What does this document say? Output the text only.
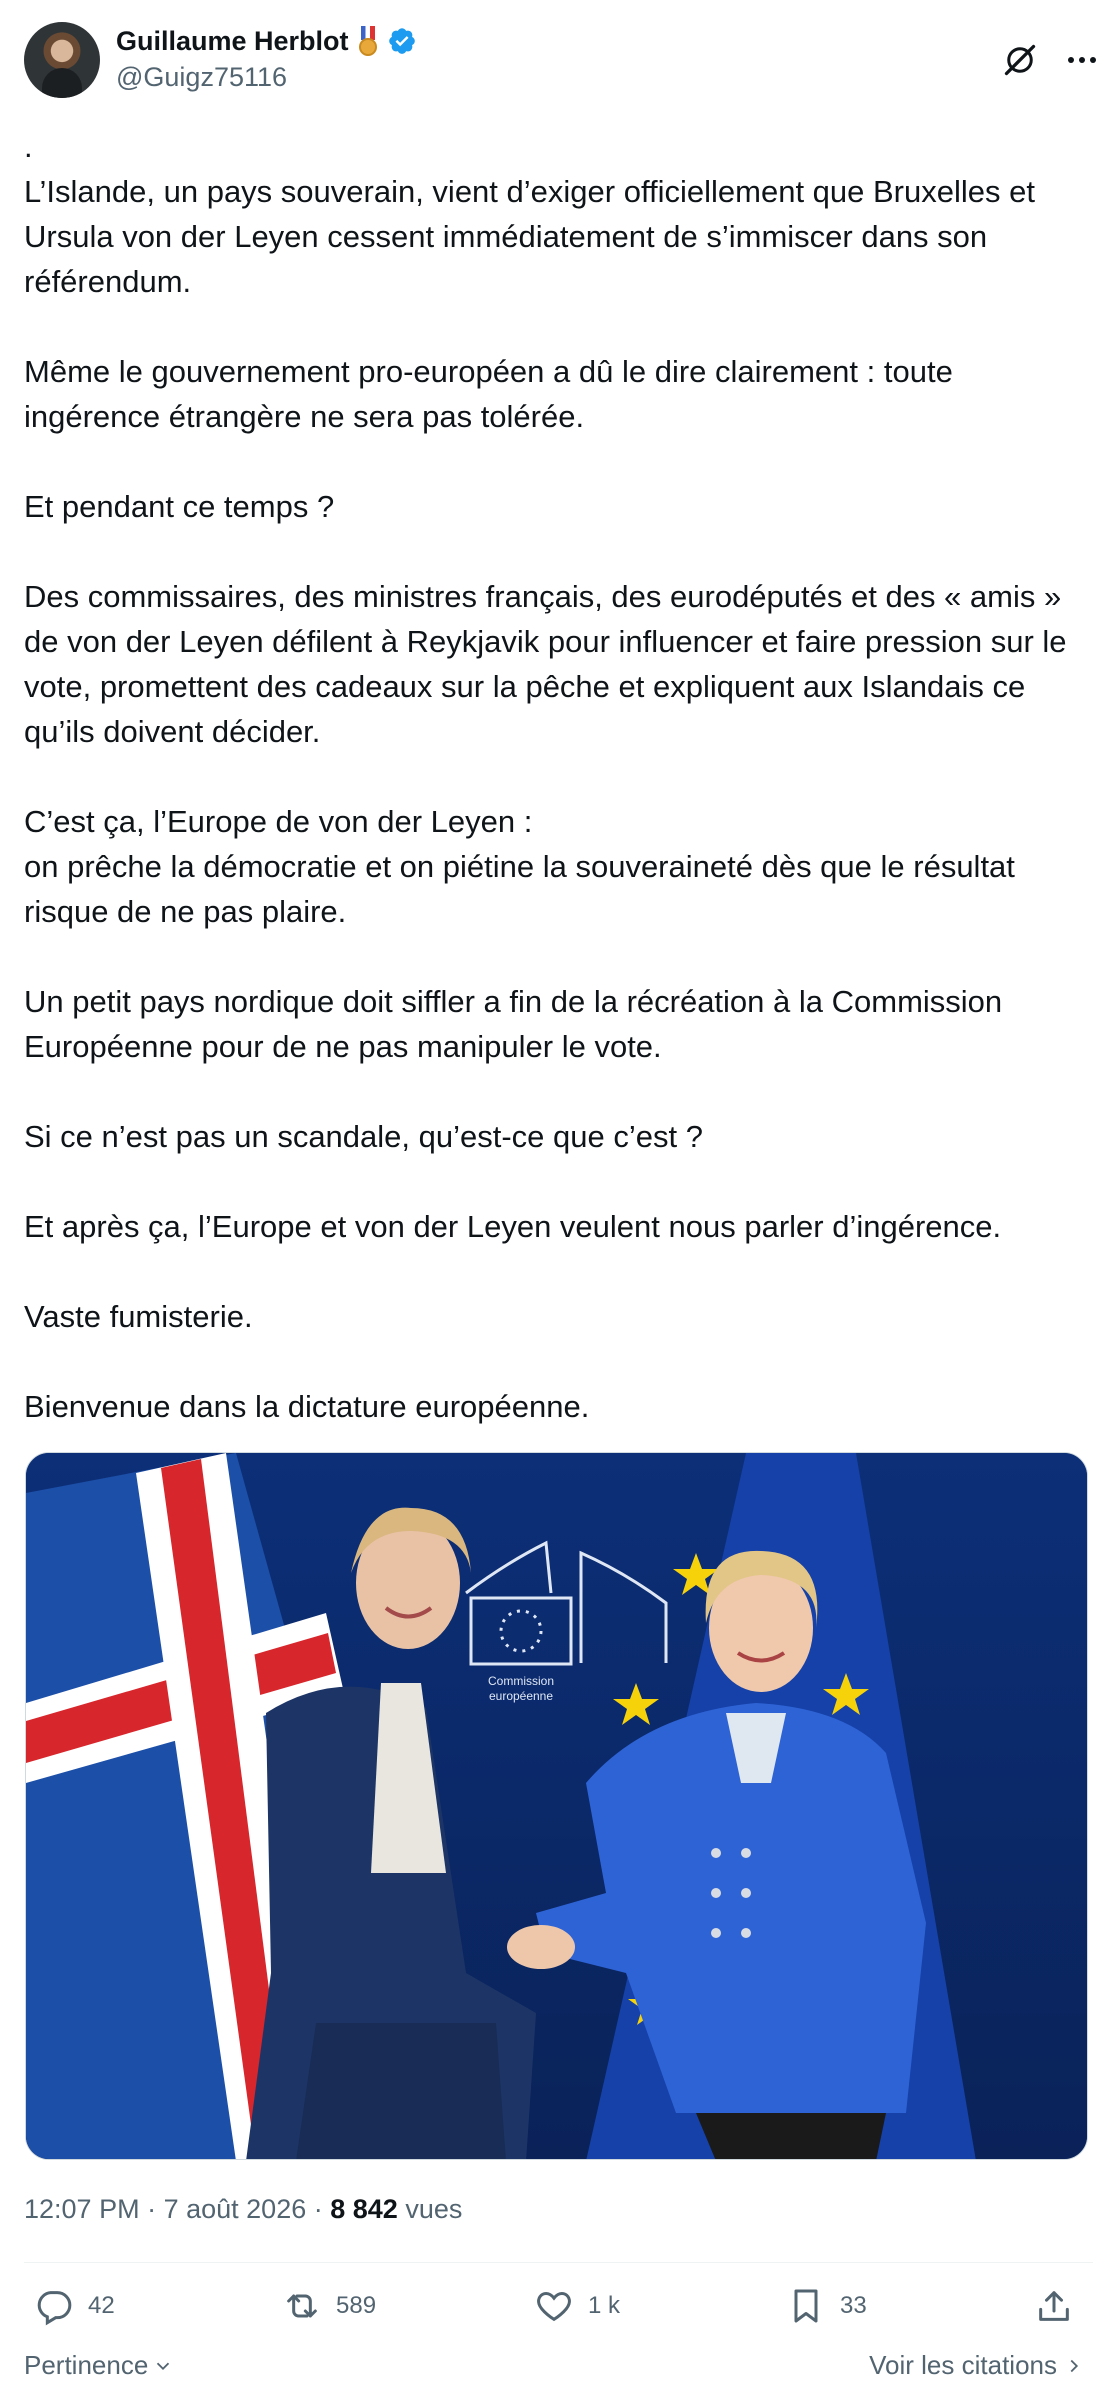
Guillaume Herblot
@Guigz75116

.

L’Islande, un pays souverain, vient d’exiger officiellement que Bruxelles et Ursula von der Leyen cessent immédiatement de s’immiscer dans son référendum.

Même le gouvernement pro-européen a dû le dire clairement : toute ingérence étrangère ne sera pas tolérée.

Et pendant ce temps ?

Des commissaires, des ministres français, des eurodéputés et des « amis » de von der Leyen défilent à Reykjavik pour influencer et faire pression sur le vote, promettent des cadeaux sur la pêche et expliquent aux Islandais ce qu’ils doivent décider.

C’est ça, l’Europe de von der Leyen :
on prêche la démocratie et on piétine la souveraineté dès que le résultat risque de ne pas plaire.

Un petit pays nordique doit siffler a fin de la récréation à la Commission Européenne pour de ne pas manipuler le vote.

Si ce n’est pas un scandale, qu’est-ce que c’est ?

Et après ça, l’Europe et von der Leyen veulent nous parler d’ingérence.

Vaste fumisterie.

Bienvenue dans la dictature européenne.

Commission
européenne
12:07 PM · 7 août 2026 · 8 842 vues
42	589	1 k	33
Pertinence	Voir les citations
